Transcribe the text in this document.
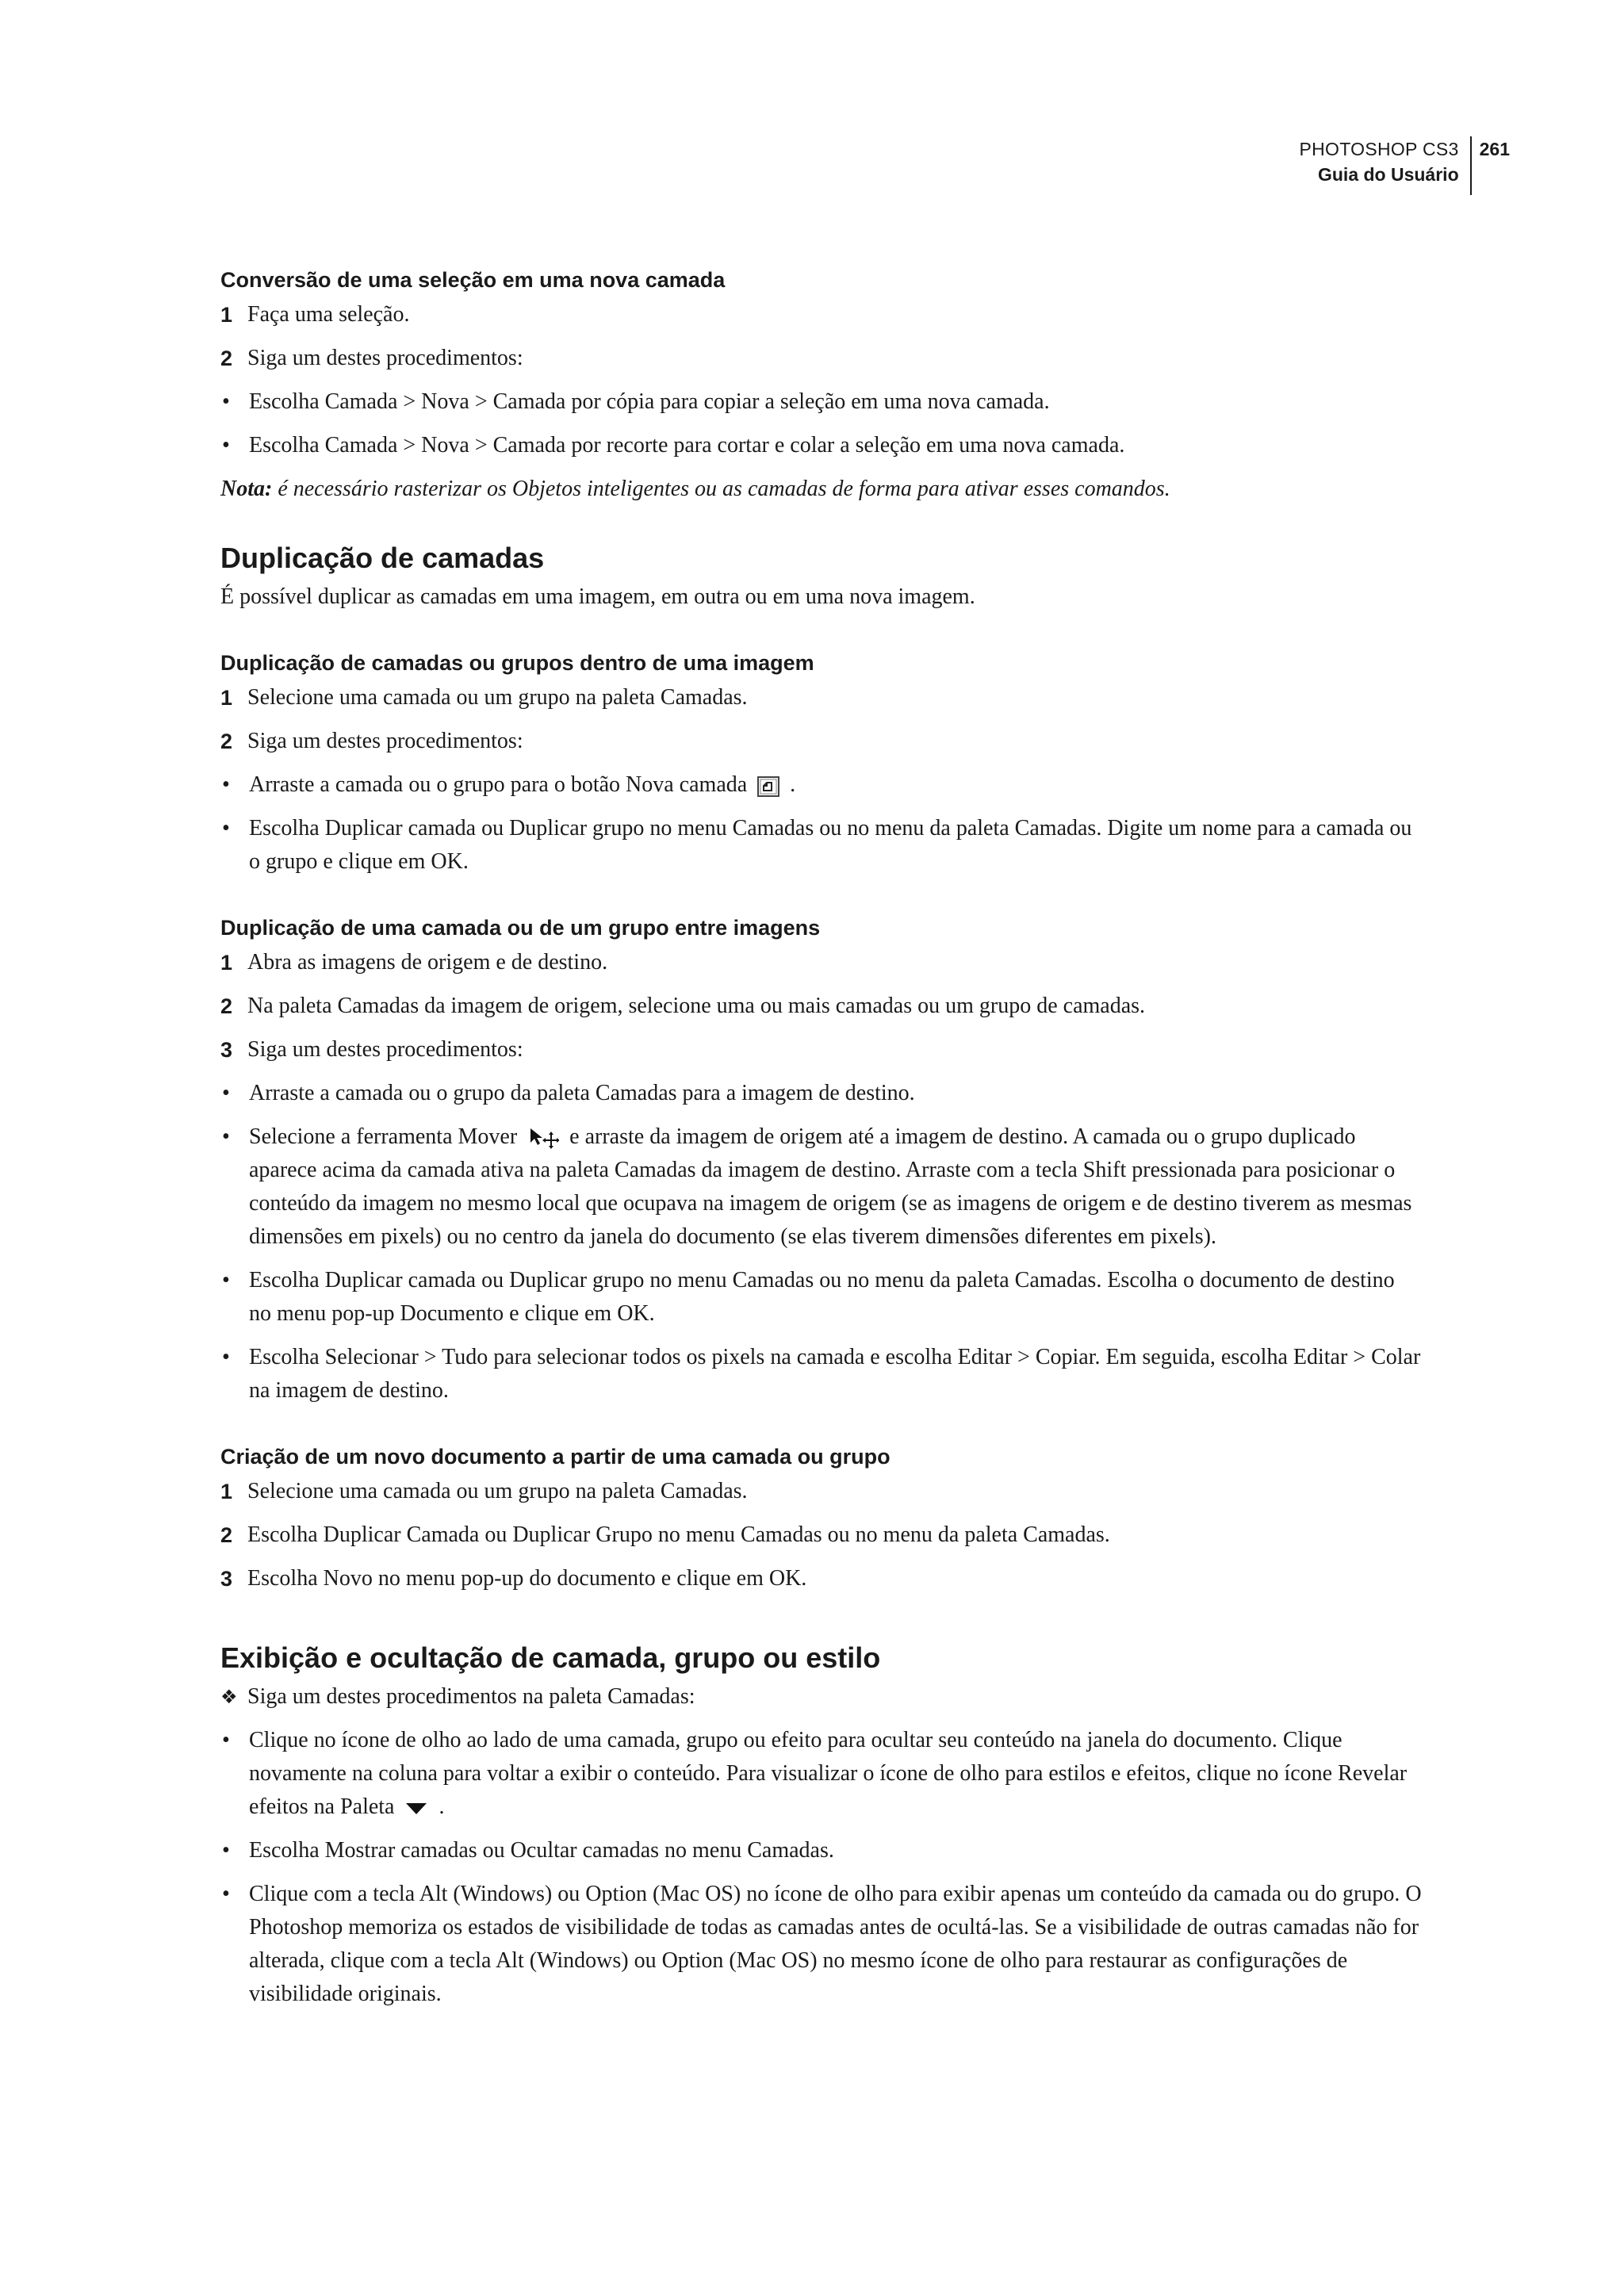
PHOTOSHOP CS3
Guia do Usuário
261
Conversão de uma seleção em uma nova camada
1 Faça uma seleção.
2 Siga um destes procedimentos:
• Escolha Camada > Nova > Camada por cópia para copiar a seleção em uma nova camada.
• Escolha Camada > Nova > Camada por recorte para cortar e colar a seleção em uma nova camada.
Nota: é necessário rasterizar os Objetos inteligentes ou as camadas de forma para ativar esses comandos.
Duplicação de camadas
É possível duplicar as camadas em uma imagem, em outra ou em uma nova imagem.
Duplicação de camadas ou grupos dentro de uma imagem
1 Selecione uma camada ou um grupo na paleta Camadas.
2 Siga um destes procedimentos:
• Arraste a camada ou o grupo para o botão Nova camada .
• Escolha Duplicar camada ou Duplicar grupo no menu Camadas ou no menu da paleta Camadas. Digite um nome para a camada ou o grupo e clique em OK.
Duplicação de uma camada ou de um grupo entre imagens
1 Abra as imagens de origem e de destino.
2 Na paleta Camadas da imagem de origem, selecione uma ou mais camadas ou um grupo de camadas.
3 Siga um destes procedimentos:
• Arraste a camada ou o grupo da paleta Camadas para a imagem de destino.
• Selecione a ferramenta Mover e arraste da imagem de origem até a imagem de destino. A camada ou o grupo duplicado aparece acima da camada ativa na paleta Camadas da imagem de destino. Arraste com a tecla Shift pressionada para posicionar o conteúdo da imagem no mesmo local que ocupava na imagem de origem (se as imagens de origem e de destino tiverem as mesmas dimensões em pixels) ou no centro da janela do documento (se elas tiverem dimensões diferentes em pixels).
• Escolha Duplicar camada ou Duplicar grupo no menu Camadas ou no menu da paleta Camadas. Escolha o documento de destino no menu pop-up Documento e clique em OK.
• Escolha Selecionar > Tudo para selecionar todos os pixels na camada e escolha Editar > Copiar. Em seguida, escolha Editar > Colar na imagem de destino.
Criação de um novo documento a partir de uma camada ou grupo
1 Selecione uma camada ou um grupo na paleta Camadas.
2 Escolha Duplicar Camada ou Duplicar Grupo no menu Camadas ou no menu da paleta Camadas.
3 Escolha Novo no menu pop-up do documento e clique em OK.
Exibição e ocultação de camada, grupo ou estilo
❖ Siga um destes procedimentos na paleta Camadas:
• Clique no ícone de olho ao lado de uma camada, grupo ou efeito para ocultar seu conteúdo na janela do documento. Clique novamente na coluna para voltar a exibir o conteúdo. Para visualizar o ícone de olho para estilos e efeitos, clique no ícone Revelar efeitos na Paleta .
• Escolha Mostrar camadas ou Ocultar camadas no menu Camadas.
• Clique com a tecla Alt (Windows) ou Option (Mac OS) no ícone de olho para exibir apenas um conteúdo da camada ou do grupo. O Photoshop memoriza os estados de visibilidade de todas as camadas antes de ocultá-las. Se a visibilidade de outras camadas não for alterada, clique com a tecla Alt (Windows) ou Option (Mac OS) no mesmo ícone de olho para restaurar as configurações de visibilidade originais.
